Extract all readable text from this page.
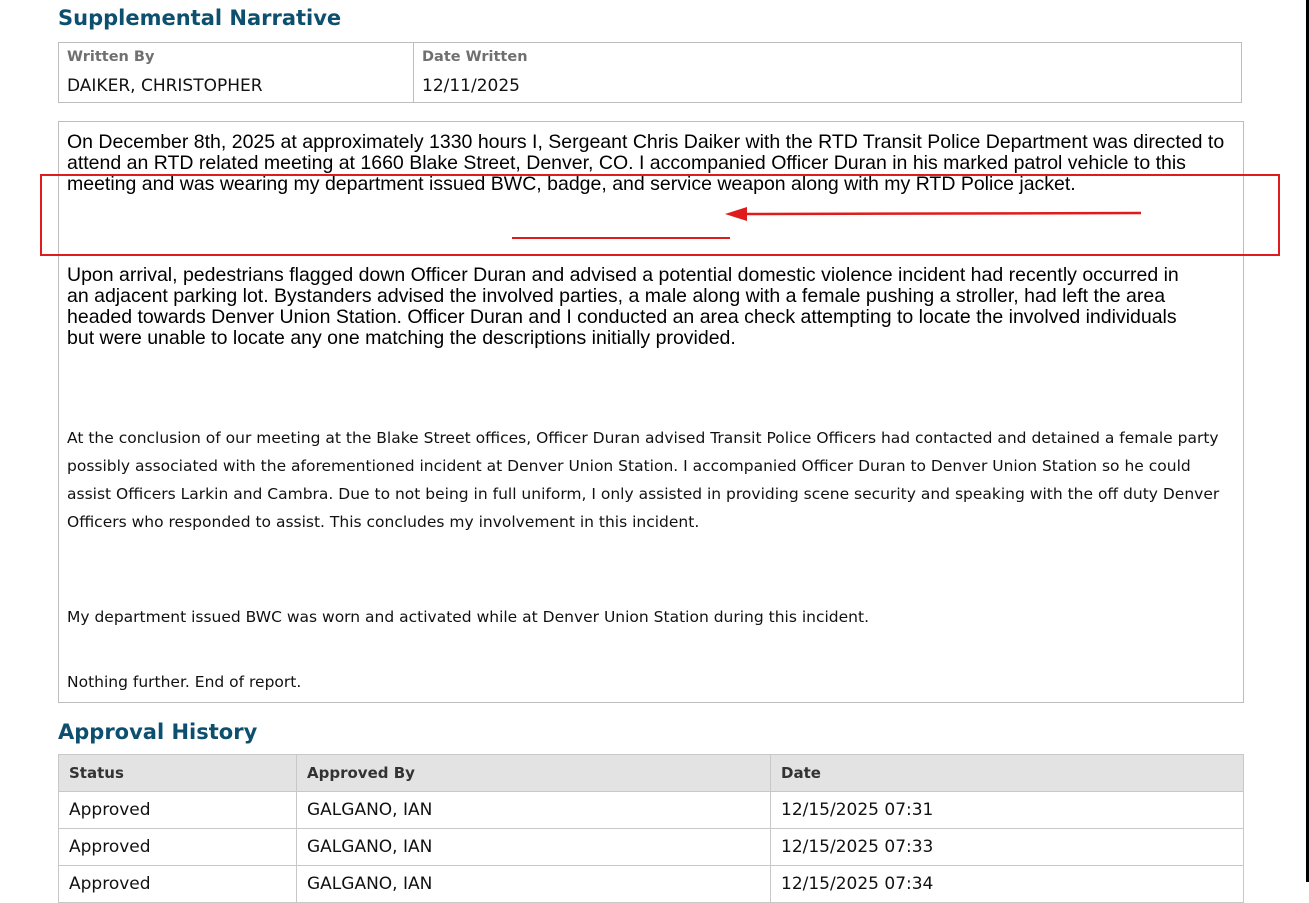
Supplemental Narrative
Written By
DAIKER, CHRISTOPHER
Date Written
12/11/2025

On December 8th, 2025 at approximately 1330 hours I, Sergeant Chris Daiker with the RTD Transit Police Department was directed to attend an RTD related meeting at 1660 Blake Street, Denver, CO. I accompanied Officer Duran in his marked patrol vehicle to this meeting and was wearing my department issued BWC, badge, and service weapon along with my RTD Police jacket.

Upon arrival, pedestrians flagged down Officer Duran and advised a potential domestic violence incident had recently occurred in an adjacent parking lot. Bystanders advised the involved parties, a male along with a female pushing a stroller, had left the area headed towards Denver Union Station. Officer Duran and I conducted an area check attempting to locate the involved individuals but were unable to locate any one matching the descriptions initially provided.

At the conclusion of our meeting at the Blake Street offices, Officer Duran advised Transit Police Officers had contacted and detained a female party possibly associated with the aforementioned incident at Denver Union Station. I accompanied Officer Duran to Denver Union Station so he could assist Officers Larkin and Cambra. Due to not being in full uniform, I only assisted in providing scene security and speaking with the off duty Denver Officers who responded to assist. This concludes my involvement in this incident.

My department issued BWC was worn and activated while at Denver Union Station during this incident.

Nothing further. End of report.

Approval History
Status	Approved By	Date
Approved	GALGANO, IAN	12/15/2025 07:31
Approved	GALGANO, IAN	12/15/2025 07:33
Approved	GALGANO, IAN	12/15/2025 07:34
